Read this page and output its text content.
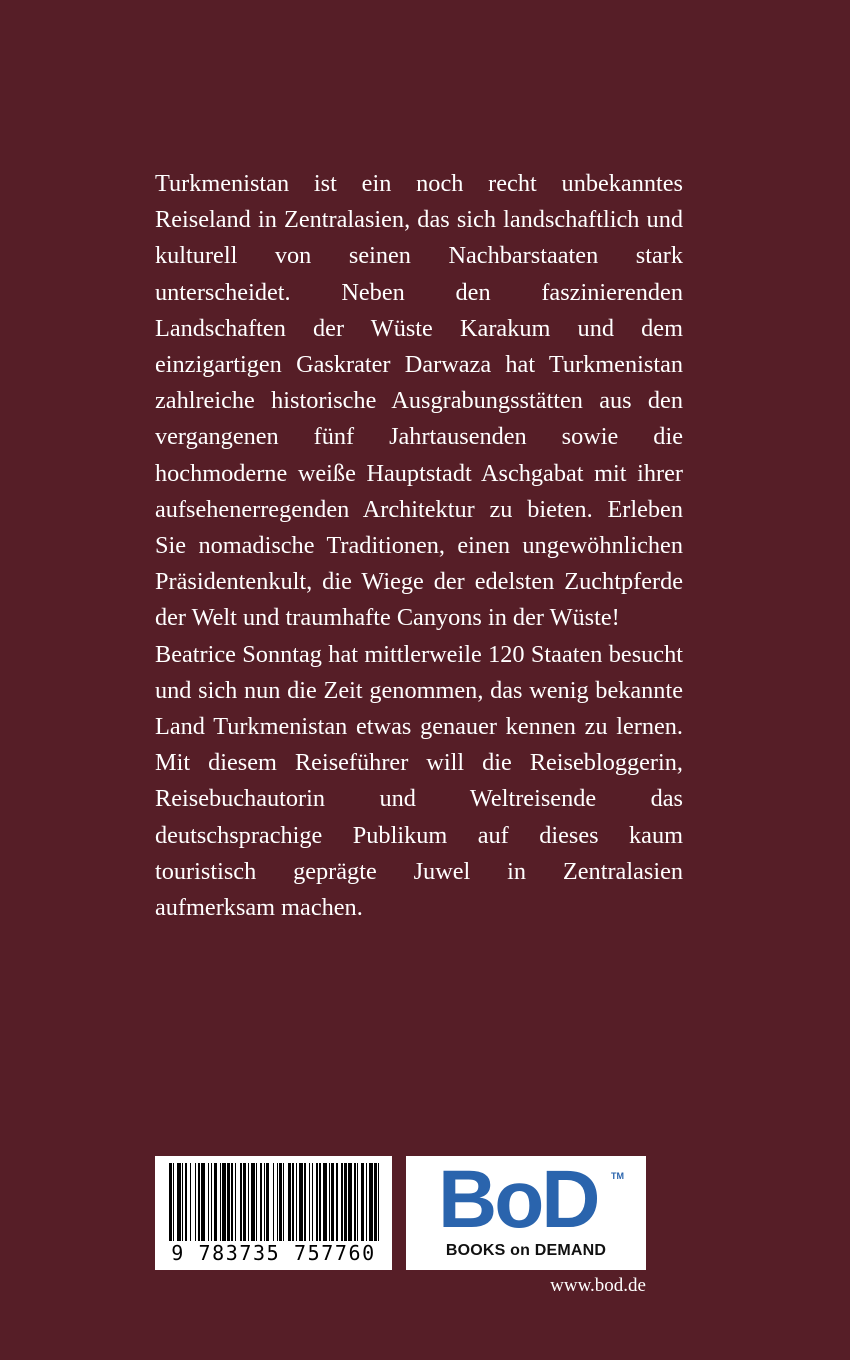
Turkmenistan ist ein noch recht unbekanntes Reiseland in Zentralasien, das sich landschaftlich und kulturell von seinen Nachbarstaaten stark unterscheidet. Neben den faszinierenden Landschaften der Wüste Karakum und dem einzigartigen Gaskrater Darwaza hat Turkmenistan zahlreiche historische Ausgrabungsstätten aus den vergangenen fünf Jahrtausenden sowie die hochmoderne weiße Hauptstadt Aschgabat mit ihrer aufsehenerregenden Architektur zu bieten. Erleben Sie nomadische Traditionen, einen ungewöhnlichen Präsidentenkult, die Wiege der edelsten Zuchtpferde der Welt und traumhafte Canyons in der Wüste!

Beatrice Sonntag hat mittlerweile 120 Staaten besucht und sich nun die Zeit genommen, das wenig bekannte Land Turkmenistan etwas genauer kennen zu lernen. Mit diesem Reiseführer will die Reisebloggerin, Reisebuchautorin und Weltreisende das deutschsprachige Publikum auf dieses kaum touristisch geprägte Juwel in Zentralasien aufmerksam machen.

9 783735 757760
BoD TM
BOOKS on DEMAND
www.bod.de
